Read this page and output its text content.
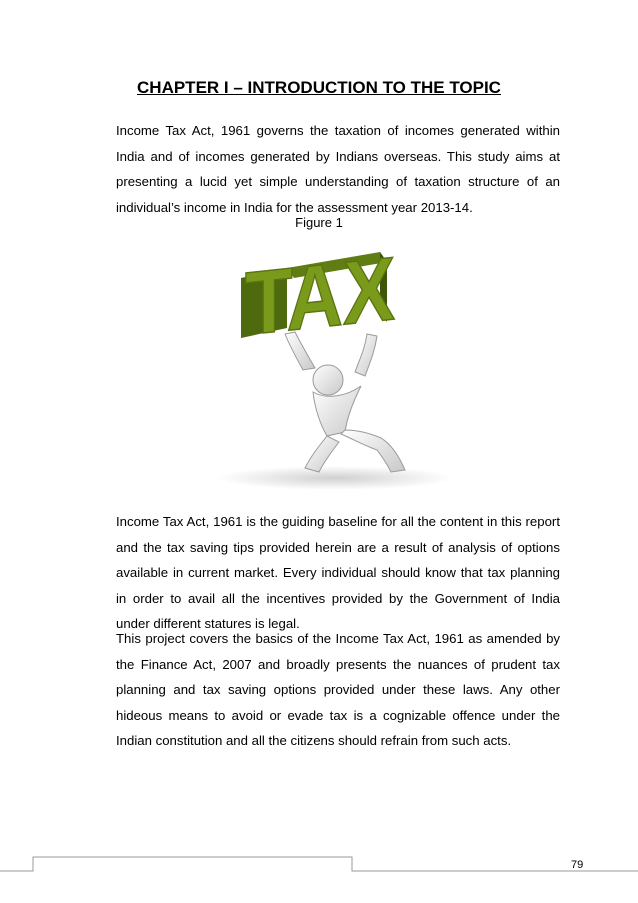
CHAPTER I – INTRODUCTION TO THE TOPIC

Income Tax Act, 1961 governs the taxation of incomes generated within India and of incomes generated by Indians overseas. This study aims at presenting a lucid yet simple understanding of taxation structure of an individual’s income in India for the assessment year 2013-14.

Figure 1

TAX

Income Tax Act, 1961 is the guiding baseline for all the content in this report and the tax saving tips provided herein are a result of analysis of options available in current market. Every individual should know that tax planning in order to avail all the incentives provided by the Government of India under different statures is legal.

This project covers the basics of the Income Tax Act, 1961 as amended by the Finance Act, 2007 and broadly presents the nuances of prudent tax planning and tax saving options provided under these laws. Any other hideous means to avoid or evade tax is a cognizable offence under the Indian constitution and all the citizens should refrain from such acts.

79
